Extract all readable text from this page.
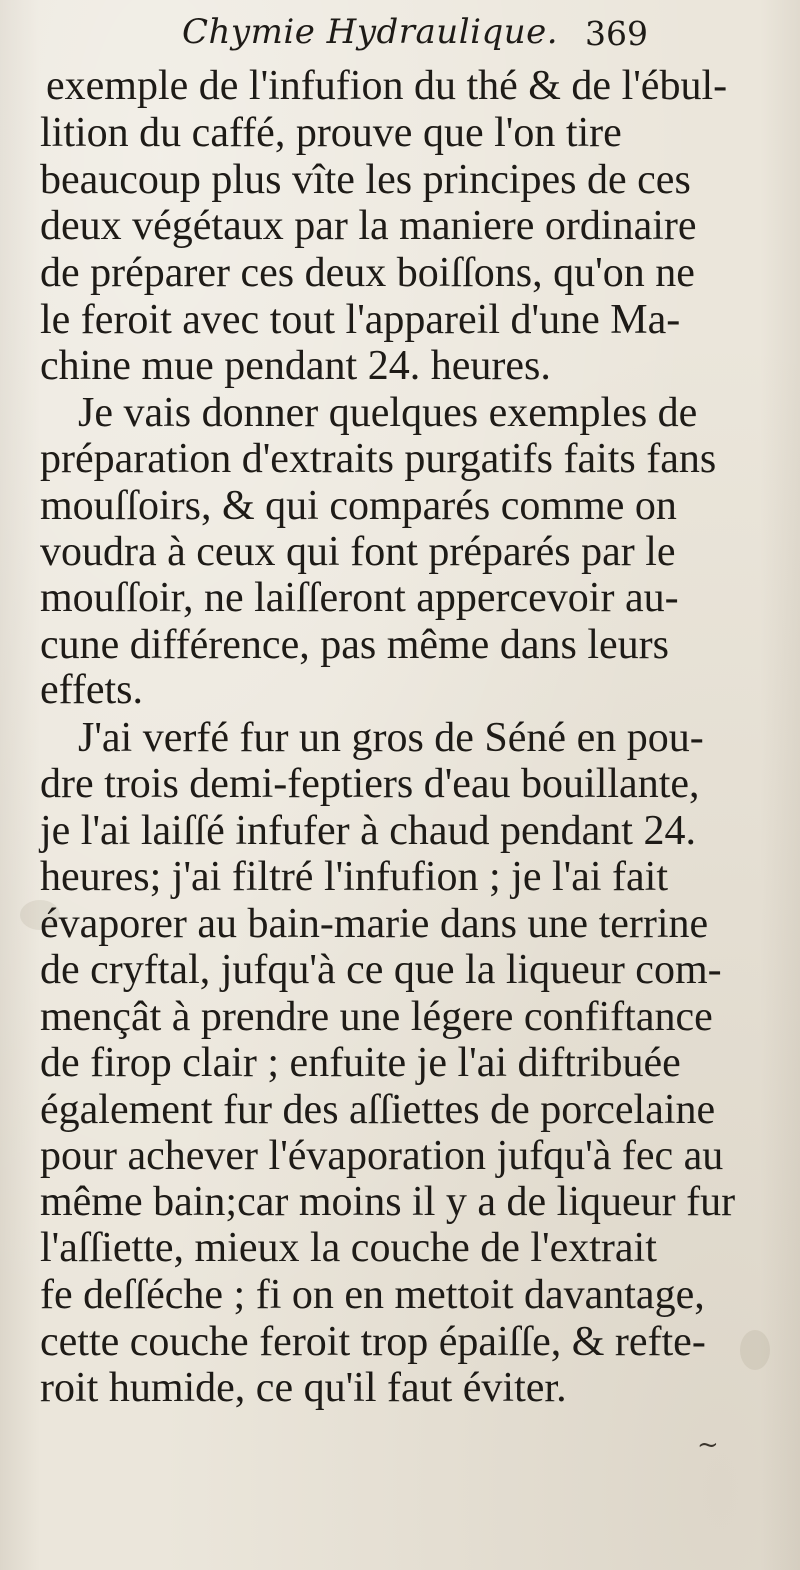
Chymie Hydraulique. 369
exemple de l'infufion du thé & de l'ébul-
lition du caffé, prouve que l'on tire
beaucoup plus vîte les principes de ces
deux végétaux par la maniere ordinaire
de préparer ces deux boiſſons, qu'on ne
le feroit avec tout l'appareil d'une Ma-
chine mue pendant 24. heures.
Je vais donner quelques exemples de
préparation d'extraits purgatifs faits fans
mouſſoirs, & qui comparés comme on
voudra à ceux qui font préparés par le
mouſſoir, ne laiſſeront appercevoir au-
cune différence, pas même dans leurs
effets.
J'ai verfé fur un gros de Séné en pou-
dre trois demi-feptiers d'eau bouillante,
je l'ai laiſſé infufer à chaud pendant 24.
heures; j'ai filtré l'infufion ; je l'ai fait
évaporer au bain-marie dans une terrine
de cryftal, jufqu'à ce que la liqueur com-
mençât à prendre une légere confiftance
de firop clair ; enfuite je l'ai diftribuée
également fur des aſſiettes de porcelaine
pour achever l'évaporation jufqu'à fec au
même bain;car moins il y a de liqueur fur
l'aſſiette, mieux la couche de l'extrait
fe deſſéche ; fi on en mettoit davantage,
cette couche feroit trop épaiſſe, & refte-
roit humide, ce qu'il faut éviter.
~
